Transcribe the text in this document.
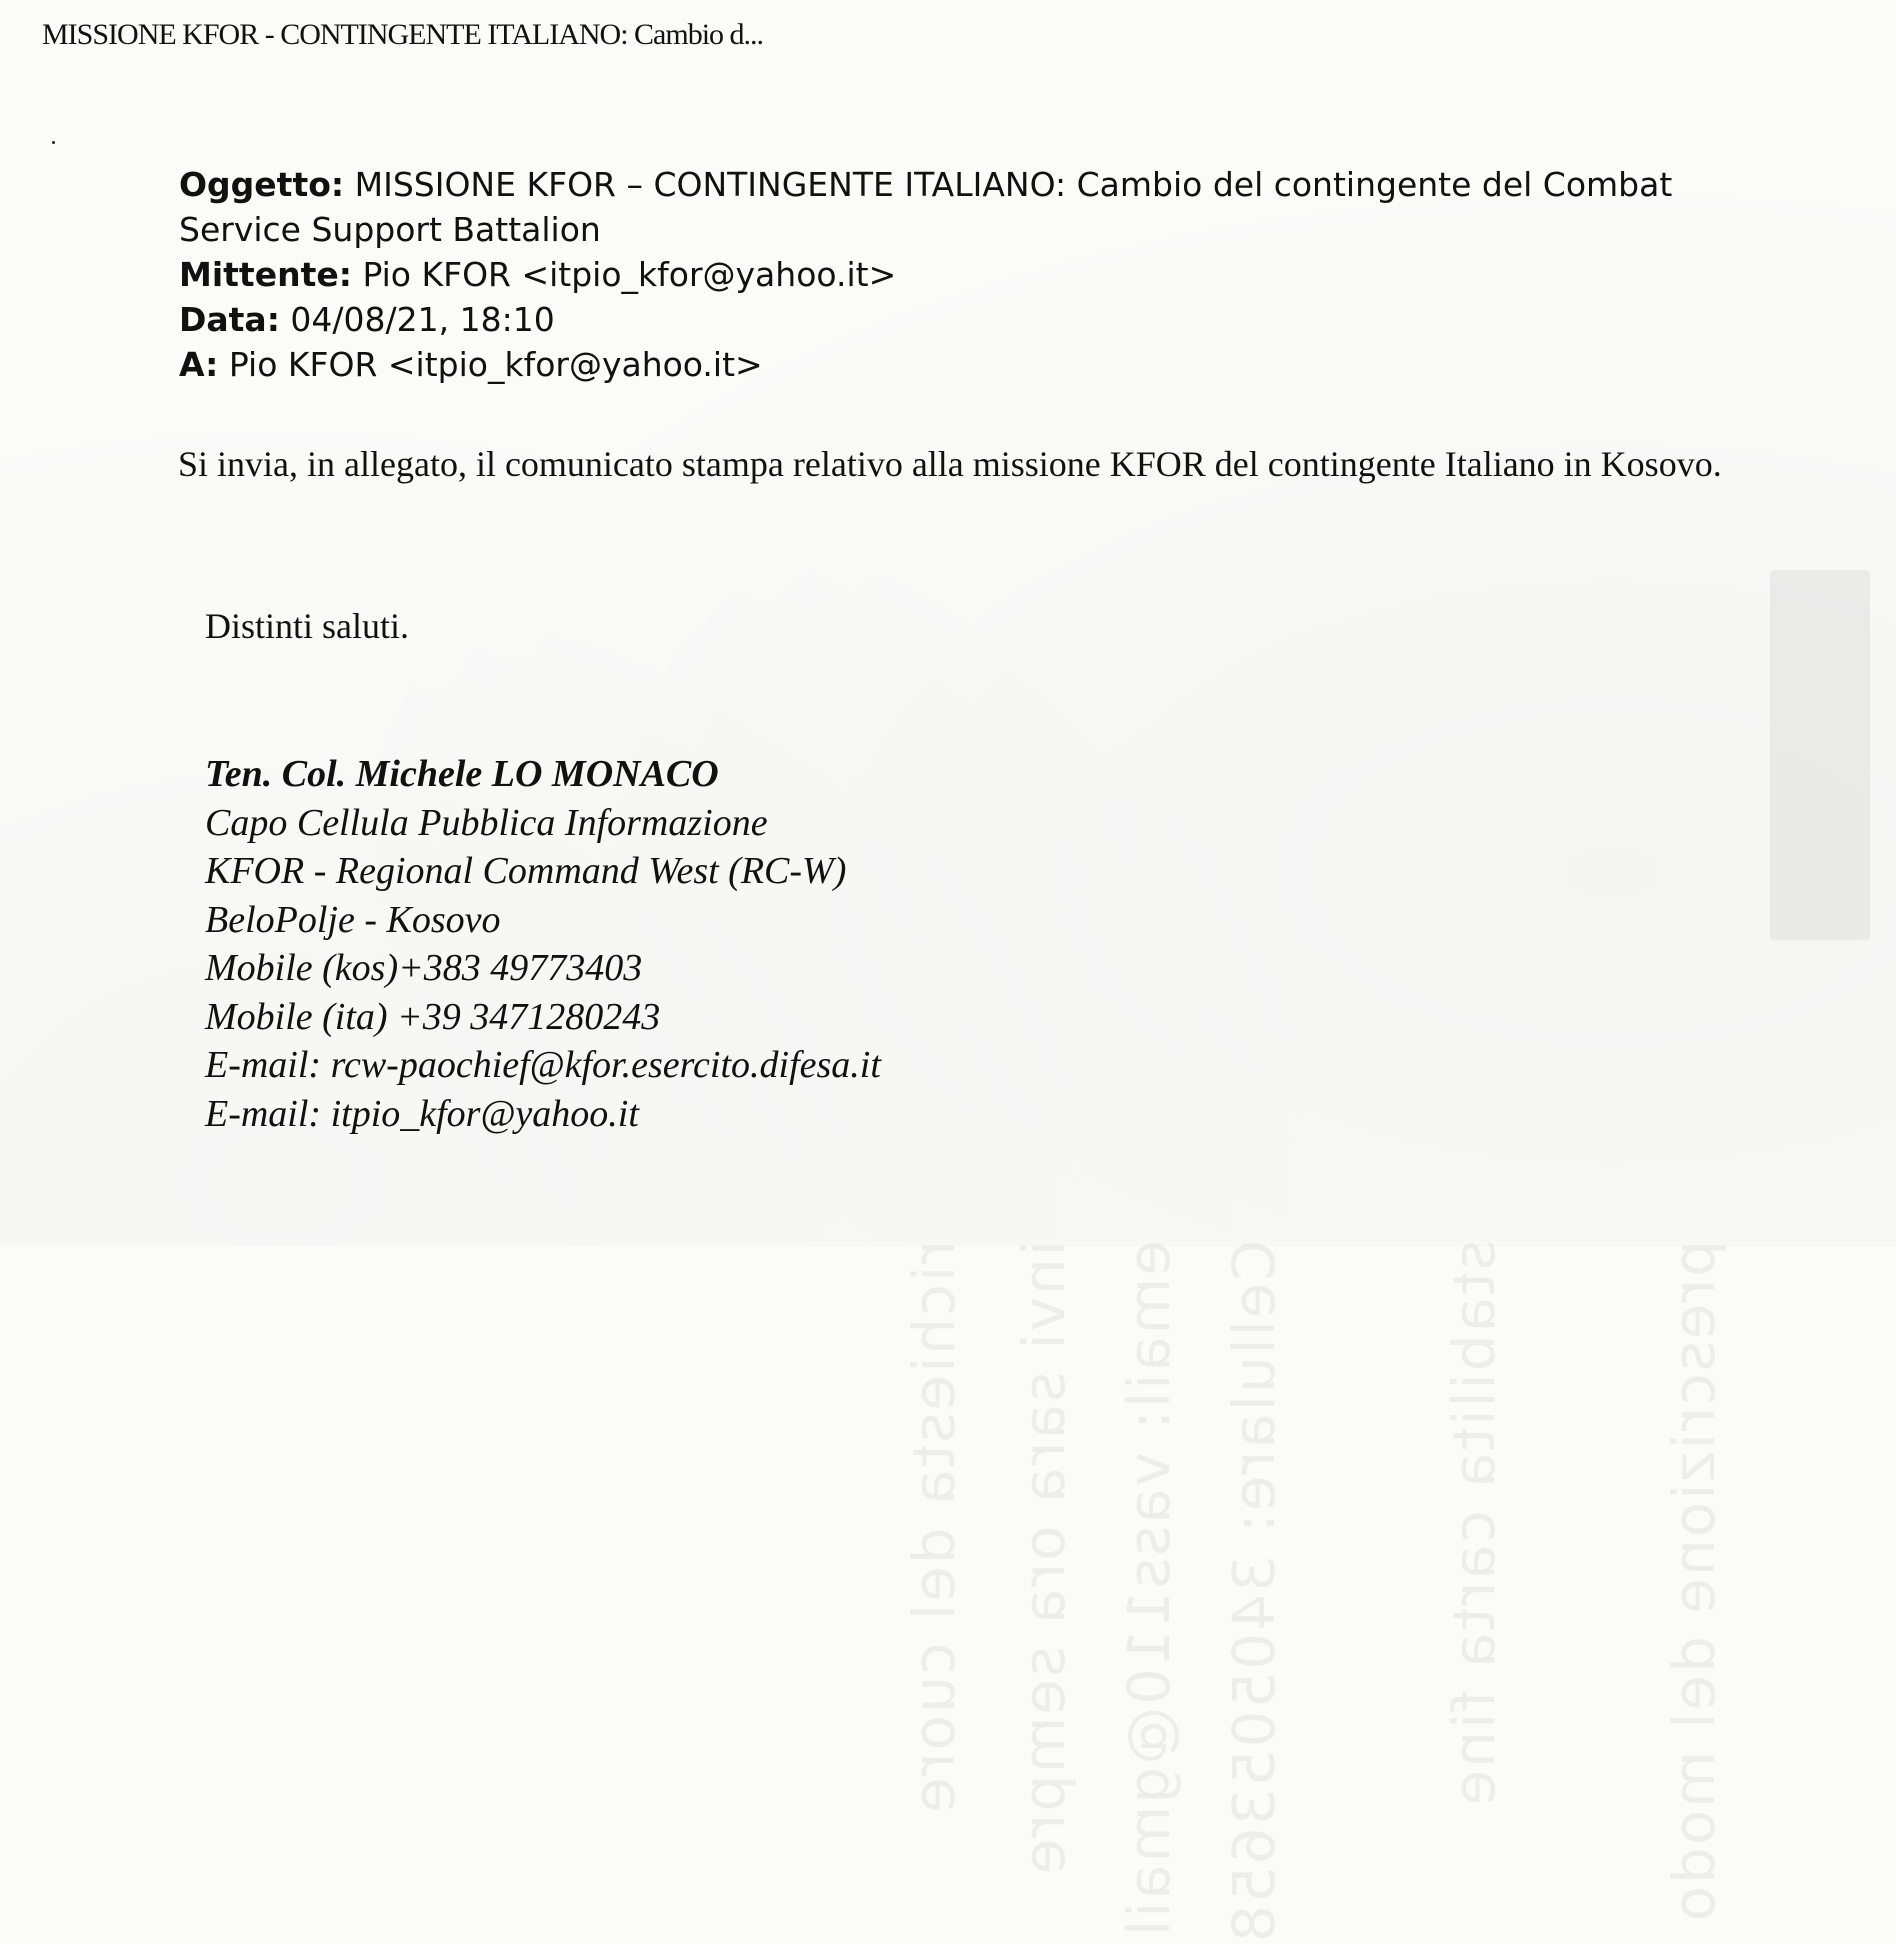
Cellulare: 3405053658
email: vass110@gmail
invi sara ora sempre
richiesta del cuore	stabilita carta fine	prescrizione del modo
MISSIONE KFOR - CONTINGENTE ITALIANO: Cambio d...
Oggetto: MISSIONE KFOR – CONTINGENTE ITALIANO: Cambio del contingente del Combat Service Support Battalion
Mittente: Pio KFOR <itpio_kfor@yahoo.it>
Data: 04/08/21, 18:10
A: Pio KFOR <itpio_kfor@yahoo.it>
Si invia, in allegato, il comunicato stampa relativo alla missione KFOR del contingente Italiano in Kosovo.
Distinti saluti.
Ten. Col. Michele LO MONACO
Capo Cellula Pubblica Informazione
KFOR - Regional Command West (RC-W)
BeloPolje - Kosovo
Mobile (kos)+383 49773403
Mobile (ita) +39 3471280243
E-mail: rcw-paochief@kfor.esercito.difesa.it
E-mail: itpio_kfor@yahoo.it
